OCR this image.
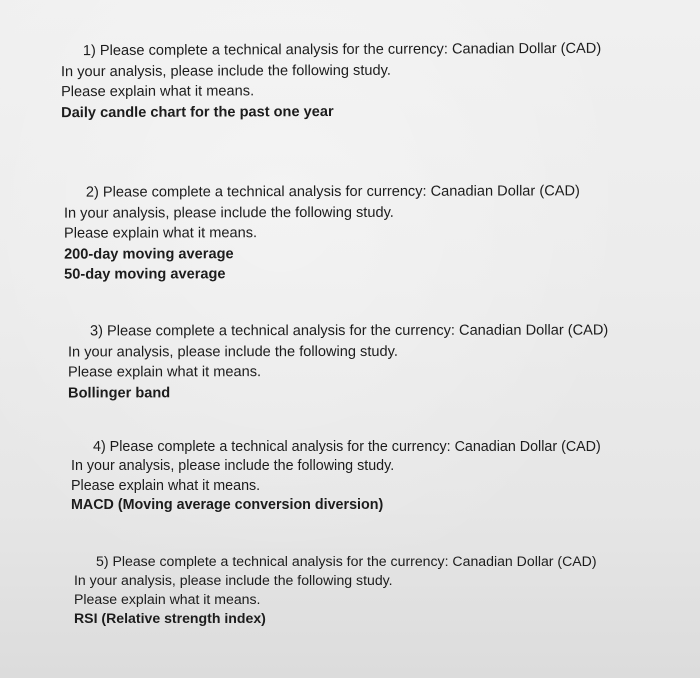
1) Please complete a technical analysis for the currency: Canadian Dollar (CAD)
In your analysis, please include the following study.
Please explain what it means.
Daily candle chart for the past one year
2) Please complete a technical analysis for currency: Canadian Dollar (CAD)
In your analysis, please include the following study.
Please explain what it means.
200-day moving average
50-day moving average
3) Please complete a technical analysis for the currency: Canadian Dollar (CAD)
In your analysis, please include the following study.
Please explain what it means.
Bollinger band
4) Please complete a technical analysis for the currency: Canadian Dollar (CAD)
In your analysis, please include the following study.
Please explain what it means.
MACD (Moving average conversion diversion)
5) Please complete a technical analysis for the currency: Canadian Dollar (CAD)
In your analysis, please include the following study.
Please explain what it means.
RSI (Relative strength index)
